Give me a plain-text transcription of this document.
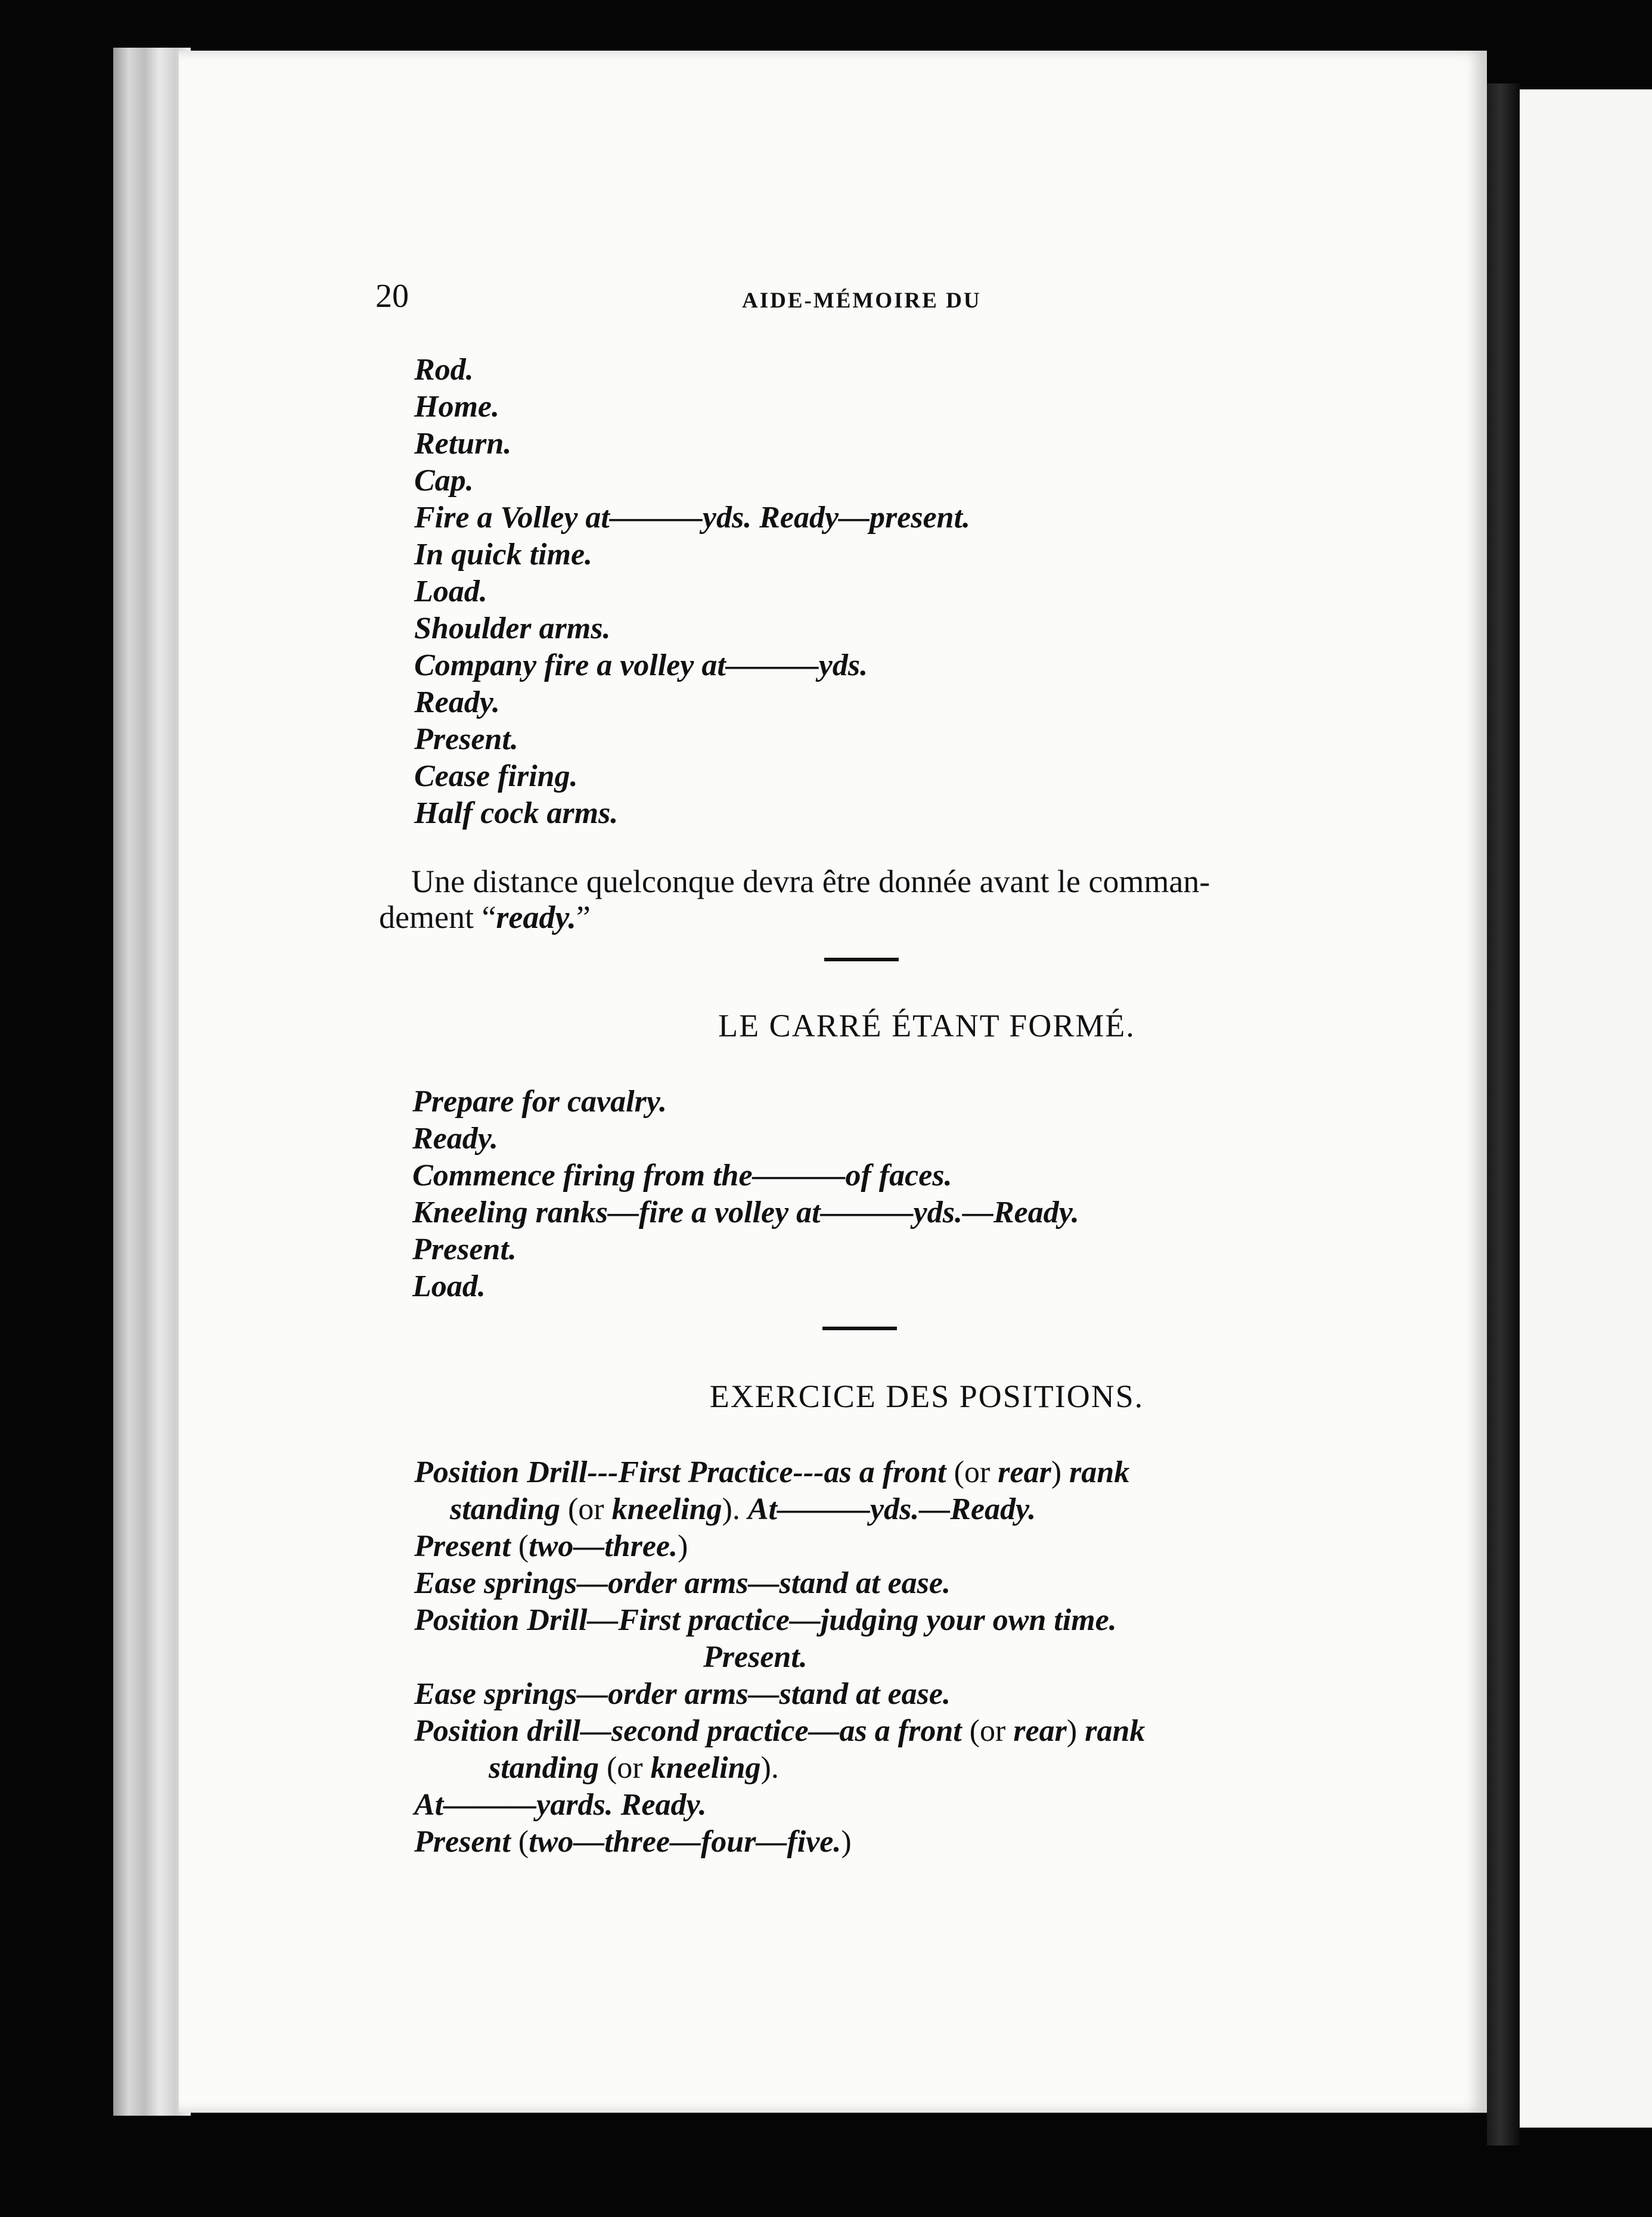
20	AIDE-MÉMOIRE DU
Rod.
Home.
Return.
Cap.
Fire a Volley at———yds. Ready—present.
In quick time.
Load.
Shoulder arms.
Company fire a volley at———yds.
Ready.
Present.
Cease firing.
Half cock arms.
Une distance quelconque devra être donnée avant le comman-
dement “ready.”
LE CARRÉ ÉTANT FORMÉ.
Prepare for cavalry.
Ready.
Commence firing from the———of faces.
Kneeling ranks—fire a volley at———yds.—Ready.
Present.
Load.
EXERCICE DES POSITIONS.
Position Drill---First Practice---as a front (or rear) rank
standing (or kneeling). At———yds.—Ready.
Present (two—three.)
Ease springs—order arms—stand at ease.
Position Drill—First practice—judging your own time.
Present.
Ease springs—order arms—stand at ease.
Position drill—second practice—as a front (or rear) rank
standing (or kneeling).
At———yards. Ready.
Present (two—three—four—five.)
